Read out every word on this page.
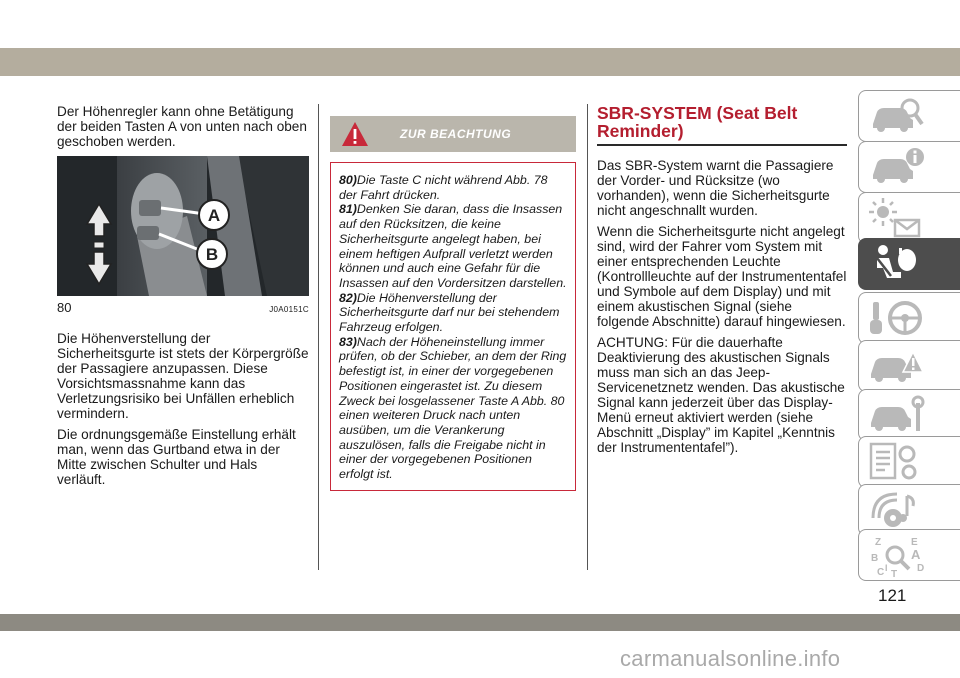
Der Höhenregler kann ohne Betätigung der beiden Tasten A von unten nach oben geschoben werden.

A
B
80	J0A0151C

Die Höhenverstellung der Sicherheitsgurte ist stets der Körpergröße der Passagiere anzupassen. Diese Vorsichtsmassnahme kann das Verletzungsrisiko bei Unfällen erheblich vermindern.

Die ordnungsgemäße Einstellung erhält man, wenn das Gurtband etwa in der Mitte zwischen Schulter und Hals verläuft.

ZUR BEACHTUNG

80)Die Taste C nicht während Abb. 78 der Fahrt drücken.

81)Denken Sie daran, dass die Insassen auf den Rücksitzen, die keine Sicherheitsgurte angelegt haben, bei einem heftigen Aufprall verletzt werden können und auch eine Gefahr für die Insassen auf den Vordersitzen darstellen.

82)Die Höhenverstellung der Sicherheitsgurte darf nur bei stehendem Fahrzeug erfolgen.

83)Nach der Höheneinstellung immer prüfen, ob der Schieber, an dem der Ring befestigt ist, in einer der vorgegebenen Positionen eingerastet ist. Zu diesem Zweck bei losgelassener Taste A Abb. 80 einen weiteren Druck nach unten ausüben, um die Verankerung auszulösen, falls die Freigabe nicht in einer der vorgegebenen Positionen erfolgt ist.

SBR-SYSTEM (Seat Belt Reminder)

Das SBR-System warnt die Passagiere der Vorder- und Rücksitze (wo vorhanden), wenn die Sicherheitsgurte nicht angeschnallt wurden.

Wenn die Sicherheitsgurte nicht angelegt sind, wird der Fahrer vom System mit einer entsprechenden Leuchte (Kontrollleuchte auf der Instrumententafel und Symbole auf dem Display) und mit einem akustischen Signal (siehe folgende Abschnitte) darauf hingewiesen.

ACHTUNG: Für die dauerhafte Deaktivierung des akustischen Signals muss man sich an das Jeep-Servicenetznetz wenden. Das akustische Signal kann jederzeit über das Display-Menü erneut aktiviert werden (siehe Abschnitt „Display” im Kapitel „Kenntnis der Instrumententafel”).

Z	E
B	A
C	D
T
I
121
carmanualsonline.info
